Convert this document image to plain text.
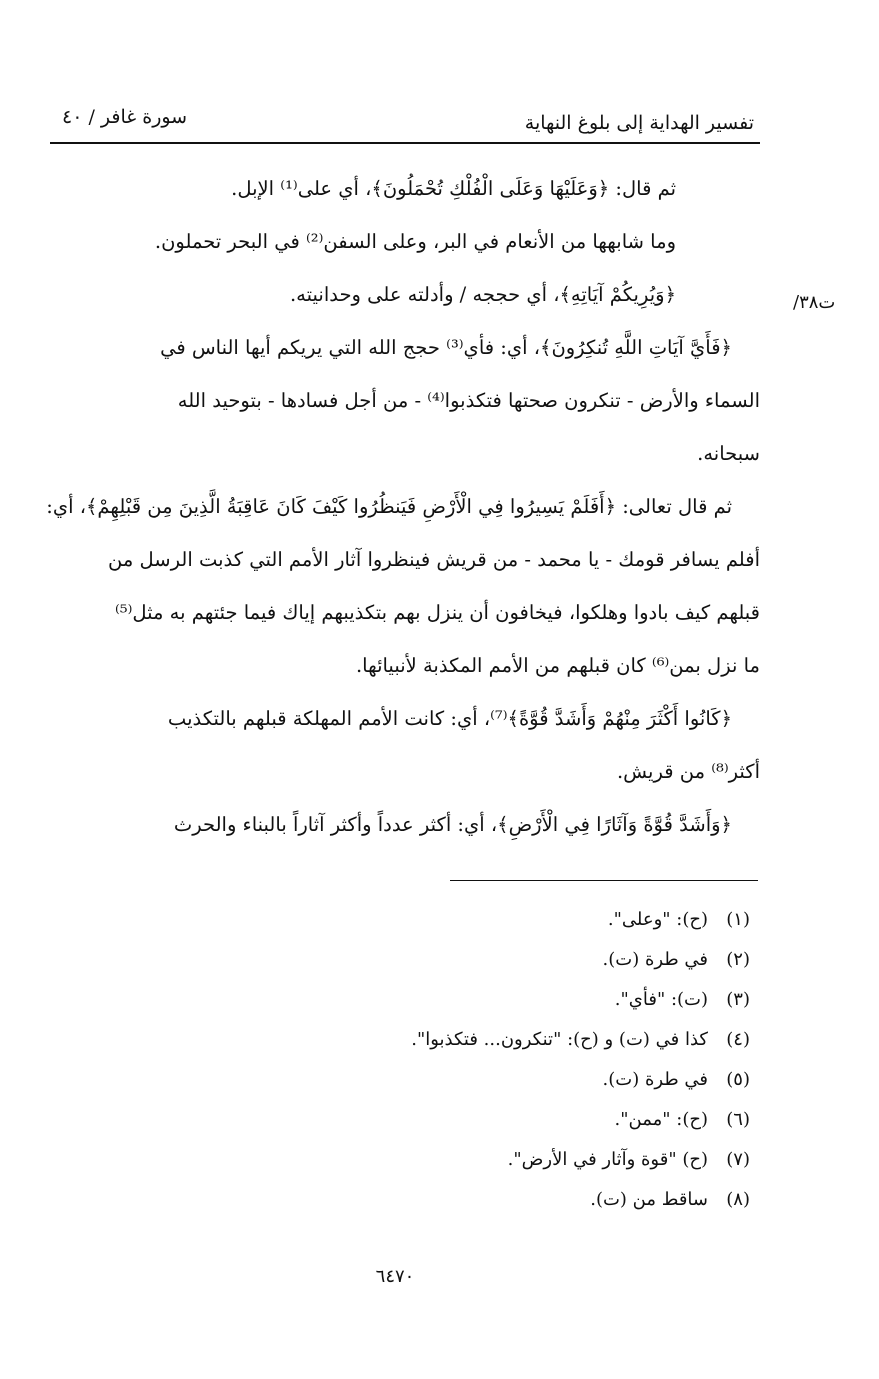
تفسير الهداية إلى بلوغ النهاية
سورة غافر / ٤٠
ت٣٨/
ثم قال: ﴿وَعَلَيْهَا وَعَلَى الْفُلْكِ تُحْمَلُونَ﴾، أي على⁽¹⁾ الإبل.
وما شابهها من الأنعام في البر، وعلى السفن⁽²⁾ في البحر تحملون.
﴿وَيُرِيكُمْ آيَاتِهِ﴾، أي حججه / وأدلته على وحدانيته.
﴿فَأَيَّ آيَاتِ اللَّهِ تُنكِرُونَ﴾، أي: فأي⁽³⁾ حجج الله التي يريكم أيها الناس في
السماء والأرض - تنكرون صحتها فتكذبوا⁽⁴⁾ - من أجل فسادها - بتوحيد الله
سبحانه.
ثم قال تعالى: ﴿أَفَلَمْ يَسِيرُوا فِي الْأَرْضِ فَيَنظُرُوا كَيْفَ كَانَ عَاقِبَةُ الَّذِينَ مِن قَبْلِهِمْ﴾، أي:
أفلم يسافر قومك - يا محمد - من قريش فينظروا آثار الأمم التي كذبت الرسل من
قبلهم كيف بادوا وهلكوا، فيخافون أن ينزل بهم بتكذيبهم إياك فيما جئتهم به مثل⁽⁵⁾
ما نزل بمن⁽⁶⁾ كان قبلهم من الأمم المكذبة لأنبيائها.
﴿كَانُوا أَكْثَرَ مِنْهُمْ وَأَشَدَّ قُوَّةً﴾⁽⁷⁾، أي: كانت الأمم المهلكة قبلهم بالتكذيب
أكثر⁽⁸⁾ من قريش.
﴿وَأَشَدَّ قُوَّةً وَآثَارًا فِي الْأَرْضِ﴾، أي: أكثر عدداً وأكثر آثاراً بالبناء والحرث
(١)
(ح): "وعلى".
(٢)
في طرة (ت).
(٣)
(ت): "فأي".
(٤)
كذا في (ت) و (ح): "تنكرون... فتكذبوا".
(٥)
في طرة (ت).
(٦)
(ح): "ممن".
(٧)
(ح) "قوة وآثار في الأرض".
(٨)
ساقط من (ت).
٦٤٧٠
